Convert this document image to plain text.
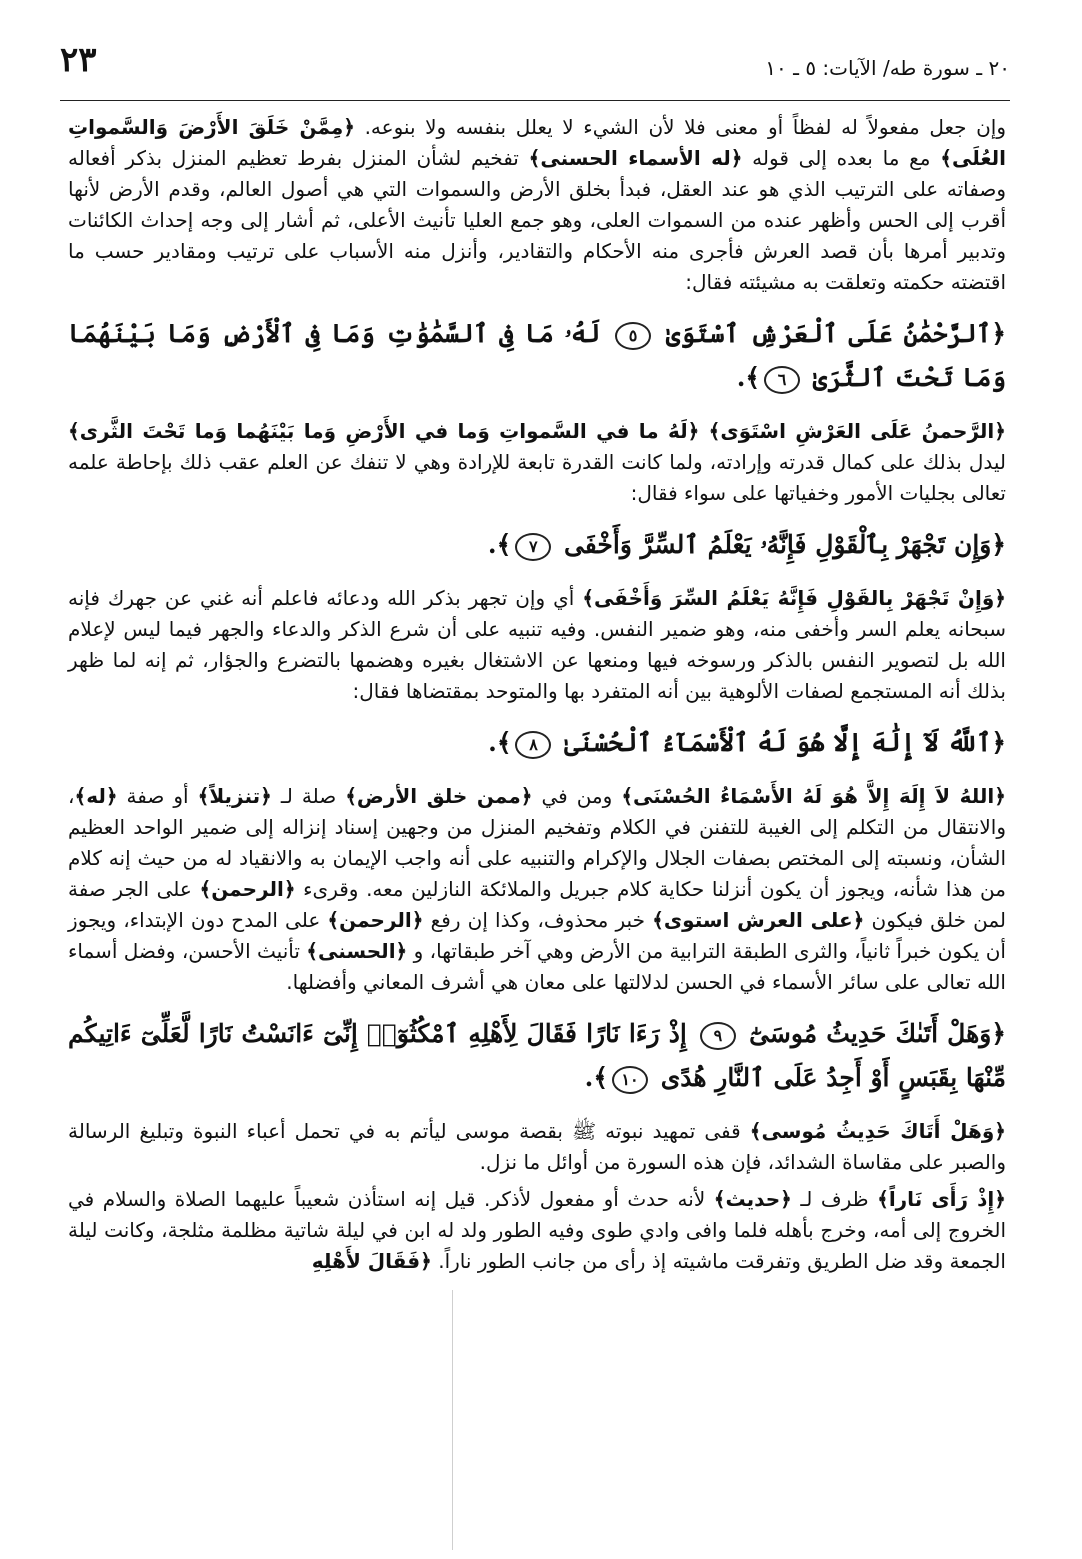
٢٠ ـ سورة طه/ الآيات: ٥ ـ ١٠
٢٣

وإن جعل مفعولاً له لفظاً أو معنى فلا لأن الشيء لا يعلل بنفسه ولا بنوعه. ﴿مِمَّنْ خَلَقَ الأَرْضَ وَالسَّمواتِ العُلَى﴾ مع ما بعده إلى قوله ﴿له الأسماء الحسنى﴾ تفخيم لشأن المنزل بفرط تعظيم المنزل بذكر أفعاله وصفاته على الترتيب الذي هو عند العقل، فبدأ بخلق الأرض والسموات التي هي أصول العالم، وقدم الأرض لأنها أقرب إلى الحس وأظهر عنده من السموات العلى، وهو جمع العليا تأنيث الأعلى، ثم أشار إلى وجه إحداث الكائنات وتدبير أمرها بأن قصد العرش فأجرى منه الأحكام والتقادير، وأنزل منه الأسباب على ترتيب ومقادير حسب ما اقتضته حكمته وتعلقت به مشيئته فقال:

﴿ٱلرَّحْمَٰنُ عَلَى ٱلْعَرْشِ ٱسْتَوَىٰ ٥ لَهُۥ مَا فِى ٱلسَّمَٰوَٰتِ وَمَا فِى ٱلْأَرْضِ وَمَا بَيْنَهُمَا وَمَا تَحْتَ ٱلثَّرَىٰ ٦﴾.

﴿الرَّحمنُ عَلَى العَرْشِ اسْتَوَى﴾ ﴿لَهُ ما في السَّمواتِ وَما في الأَرْضِ وَما بَيْنَهُما وَما تَحْتَ الثَّرى﴾ ليدل بذلك على كمال قدرته وإرادته، ولما كانت القدرة تابعة للإرادة وهي لا تنفك عن العلم عقب ذلك بإحاطة علمه تعالى بجليات الأمور وخفياتها على سواء فقال:

﴿وَإِن تَجْهَرْ بِٱلْقَوْلِ فَإِنَّهُۥ يَعْلَمُ ٱلسِّرَّ وَأَخْفَى ٧﴾.

﴿وَإِنْ تَجْهَرْ بِالقَوْلِ فَإِنَّهُ يَعْلَمُ السِّرَ وَأَخْفَى﴾ أي وإن تجهر بذكر الله ودعائه فاعلم أنه غني عن جهرك فإنه سبحانه يعلم السر وأخفى منه، وهو ضمير النفس. وفيه تنبيه على أن شرع الذكر والدعاء والجهر فيما ليس لإعلام الله بل لتصوير النفس بالذكر ورسوخه فيها ومنعها عن الاشتغال بغيره وهضمها بالتضرع والجؤار، ثم إنه لما ظهر بذلك أنه المستجمع لصفات الألوهية بين أنه المتفرد بها والمتوحد بمقتضاها فقال:

﴿ٱللَّهُ لَآ إِلَٰهَ إِلَّا هُوَ لَهُ ٱلْأَسْمَآءُ ٱلْحُسْنَىٰ ٨﴾.

﴿اللهُ لاَ إِلَهَ إِلاَّ هُوَ لَهُ الأَسْمَاءُ الحُسْنَى﴾ ومن في ﴿ممن خلق الأرض﴾ صلة لـ ﴿تنزيلاً﴾ أو صفة ﴿له﴾، والانتقال من التكلم إلى الغيبة للتفنن في الكلام وتفخيم المنزل من وجهين إسناد إنزاله إلى ضمير الواحد العظيم الشأن، ونسبته إلى المختص بصفات الجلال والإكرام والتنبيه على أنه واجب الإيمان به والانقياد له من حيث إنه كلام من هذا شأنه، ويجوز أن يكون أنزلنا حكاية كلام جبريل والملائكة النازلين معه. وقرىء ﴿الرحمن﴾ على الجر صفة لمن خلق فيكون ﴿على العرش استوى﴾ خبر محذوف، وكذا إن رفع ﴿الرحمن﴾ على المدح دون الإبتداء، ويجوز أن يكون خبراً ثانياً، والثرى الطبقة الترابية من الأرض وهي آخر طبقاتها، و ﴿الحسنى﴾ تأنيث الأحسن، وفضل أسماء الله تعالى على سائر الأسماء في الحسن لدلالتها على معان هي أشرف المعاني وأفضلها.

﴿وَهَلْ أَتَىٰكَ حَدِيثُ مُوسَىٰٓ ٩ إِذْ رَءَا نَارًا فَقَالَ لِأَهْلِهِ ٱمْكُثُوٓا۟ إِنِّىٓ ءَانَسْتُ نَارًا لَّعَلِّىٓ ءَاتِيكُم مِّنْهَا بِقَبَسٍ أَوْ أَجِدُ عَلَى ٱلنَّارِ هُدًى ١٠﴾.

﴿وَهَلْ أَتَاكَ حَدِيثُ مُوسى﴾ قفى تمهيد نبوته ﷺ بقصة موسى ليأتم به في تحمل أعباء النبوة وتبليغ الرسالة والصبر على مقاساة الشدائد، فإن هذه السورة من أوائل ما نزل.

﴿إِذْ رَأَى نَاراً﴾ ظرف لـ ﴿حديث﴾ لأنه حدث أو مفعول لأذكر. قيل إنه استأذن شعيباً عليهما الصلاة والسلام في الخروج إلى أمه، وخرج بأهله فلما وافى وادي طوى وفيه الطور ولد له ابن في ليلة شاتية مظلمة مثلجة، وكانت ليلة الجمعة وقد ضل الطريق وتفرقت ماشيته إذ رأى من جانب الطور ناراً. ﴿فَقَالَ لأَهْلِهِ
